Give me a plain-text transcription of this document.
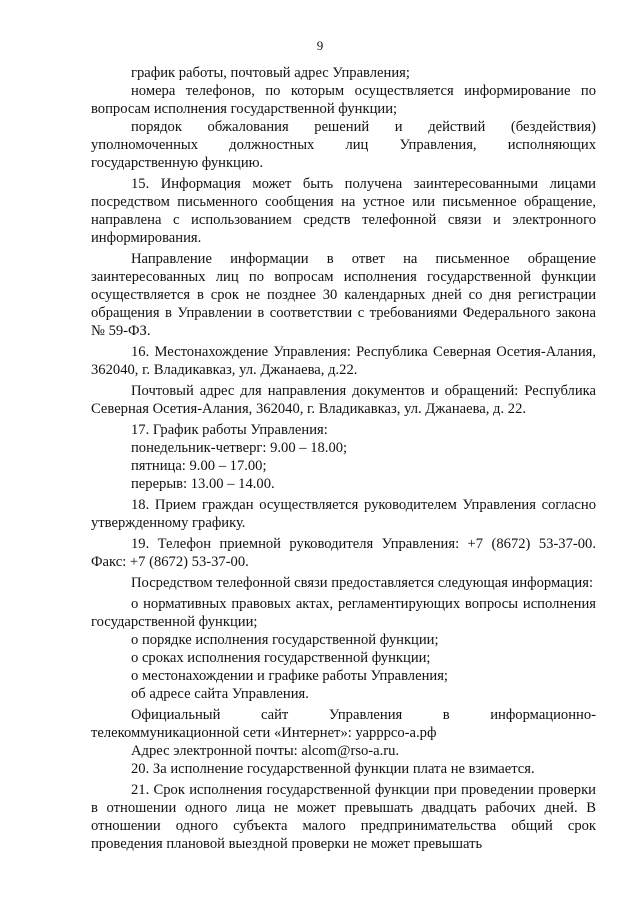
9

график работы, почтовый адрес Управления;

номера телефонов, по которым осуществляется информирование по вопросам исполнения государственной функции;

порядок обжалования решений и действий (бездействия) уполномоченных должностных лиц Управления, исполняющих государственную функцию.

15. Информация может быть получена заинтересованными лицами посредством письменного сообщения на устное или письменное обращение, направлена с использованием средств телефонной связи и электронного информирования.

Направление информации в ответ на письменное обращение заинтересованных лиц по вопросам исполнения государственной функции осуществляется в срок не позднее 30 календарных дней со дня регистрации обращения в Управлении в соответствии с требованиями Федерального закона № 59-ФЗ.

16. Местонахождение Управления: Республика Северная Осетия-Алания, 362040, г. Владикавказ, ул. Джанаева, д.22.

Почтовый адрес для направления документов и обращений: Республика Северная Осетия-Алания, 362040, г. Владикавказ, ул. Джанаева, д. 22.

17. График работы Управления:

понедельник-четверг: 9.00 – 18.00;

пятница: 9.00 – 17.00;

перерыв: 13.00 – 14.00.

18. Прием граждан осуществляется руководителем Управления согласно утвержденному графику.

19. Телефон приемной руководителя Управления: +7 (8672) 53-37-00. Факс: +7 (8672) 53-37-00.

Посредством телефонной связи предоставляется следующая информация:

о нормативных правовых актах, регламентирующих вопросы исполнения государственной функции;

о порядке исполнения государственной функции;

о сроках исполнения государственной функции;

о местонахождении и графике работы Управления;

об адресе сайта Управления.

Официальный сайт Управления в информационно-телекоммуникационной сети «Интернет»: уарррсо-а.рф

Адрес электронной почты: alcom@rso-a.ru.

20. За исполнение государственной функции плата не взимается.

21. Срок исполнения государственной функции при проведении проверки в отношении одного лица не может превышать двадцать рабочих дней. В отношении одного субъекта малого предпринимательства общий срок проведения плановой выездной проверки не может превышать
